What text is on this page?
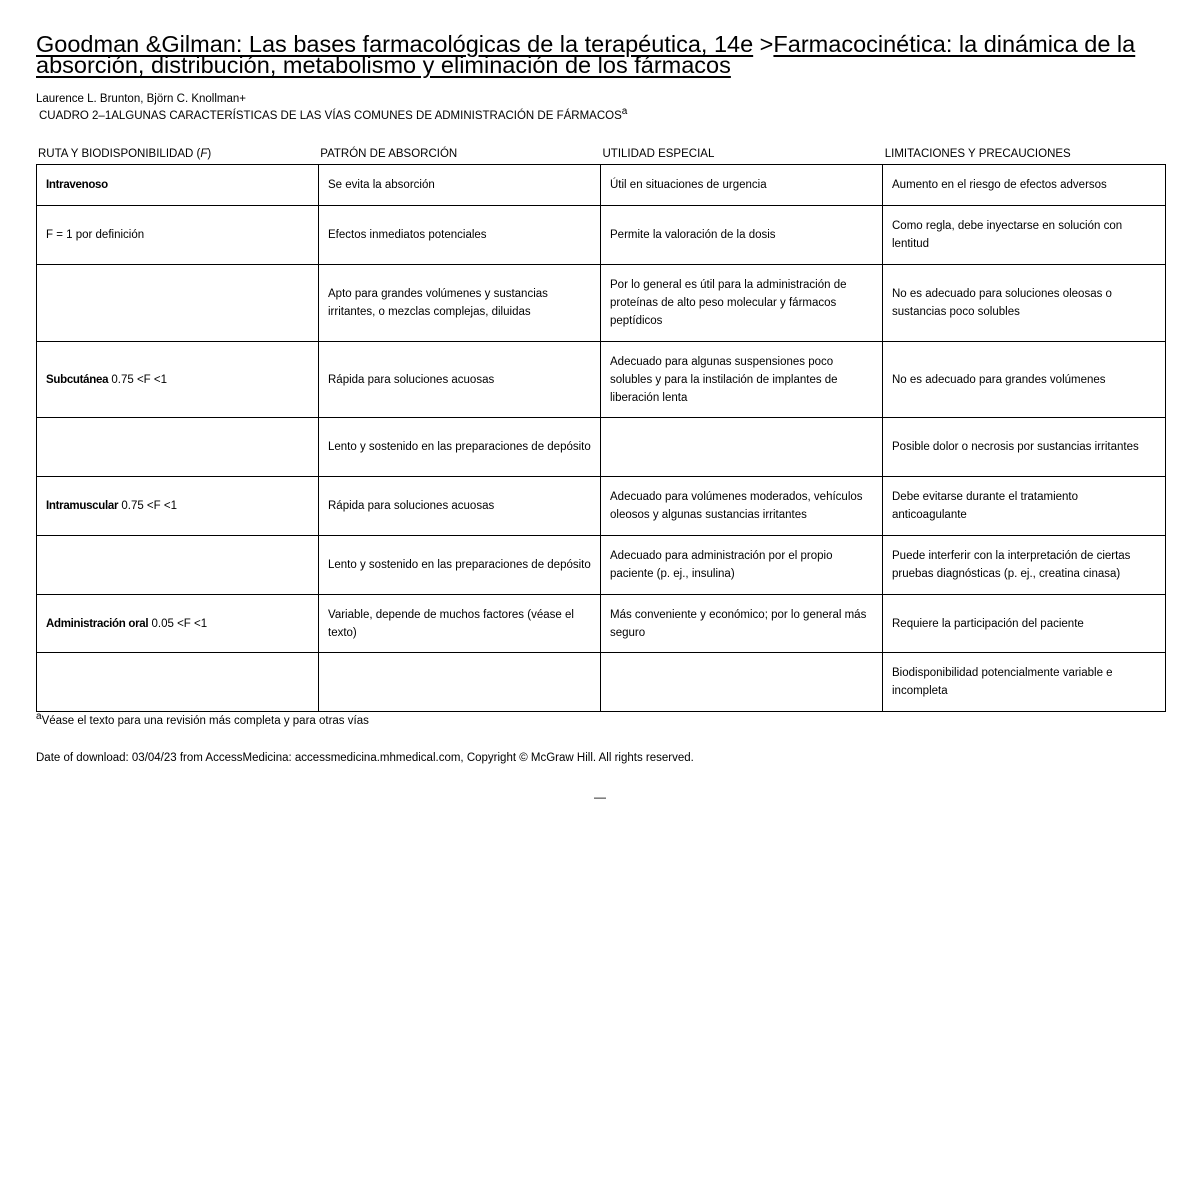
Goodman &Gilman: Las bases farmacológicas de la terapéutica, 14e >Farmacocinética: la dinámica de la absorción, distribución, metabolismo y eliminación de los fármacos
Laurence L. Brunton, Björn C. Knollman+
CUADRO 2–1ALGUNAS CARACTERÍSTICAS DE LAS VÍAS COMUNES DE ADMINISTRACIÓN DE FÁRMACOS$^a$
RUTA Y BIODISPONIBILIDAD (F)	PATRÓN DE ABSORCIÓN	UTILIDAD ESPECIAL	LIMITACIONES Y PRECAUCIONES
Intravenoso	Se evita la absorción	Útil en situaciones de urgencia	Aumento en el riesgo de efectos adversos
F = 1 por definición	Efectos inmediatos potenciales	Permite la valoración de la dosis	Como regla, debe inyectarse en solución con lentitud
	Apto para grandes volúmenes y sustancias irritantes, o mezclas complejas, diluidas	Por lo general es útil para la administración de proteínas de alto peso molecular y fármacos peptídicos	No es adecuado para soluciones oleosas o sustancias poco solubles
Subcutánea 0.75 <F <1	Rápida para soluciones acuosas	Adecuado para algunas suspensiones poco solubles y para la instilación de implantes de liberación lenta	No es adecuado para grandes volúmenes
	Lento y sostenido en las preparaciones de depósito		Posible dolor o necrosis por sustancias irritantes
Intramuscular 0.75 <F <1	Rápida para soluciones acuosas	Adecuado para volúmenes moderados, vehículos oleosos y algunas sustancias irritantes	Debe evitarse durante el tratamiento anticoagulante
	Lento y sostenido en las preparaciones de depósito	Adecuado para administración por el propio paciente (p. ej., insulina)	Puede interferir con la interpretación de ciertas pruebas diagnósticas (p. ej., creatina cinasa)
Administración oral 0.05 <F <1	Variable, depende de muchos factores (véase el texto)	Más conveniente y económico; por lo general más seguro	Requiere la participación del paciente
			Biodisponibilidad potencialmente variable e incompleta
$^a$Véase el texto para una revisión más completa y para otras vías
Date of download: 03/04/23 from AccessMedicina: accessmedicina.mhmedical.com, Copyright © McGraw Hill. All rights reserved.
—
